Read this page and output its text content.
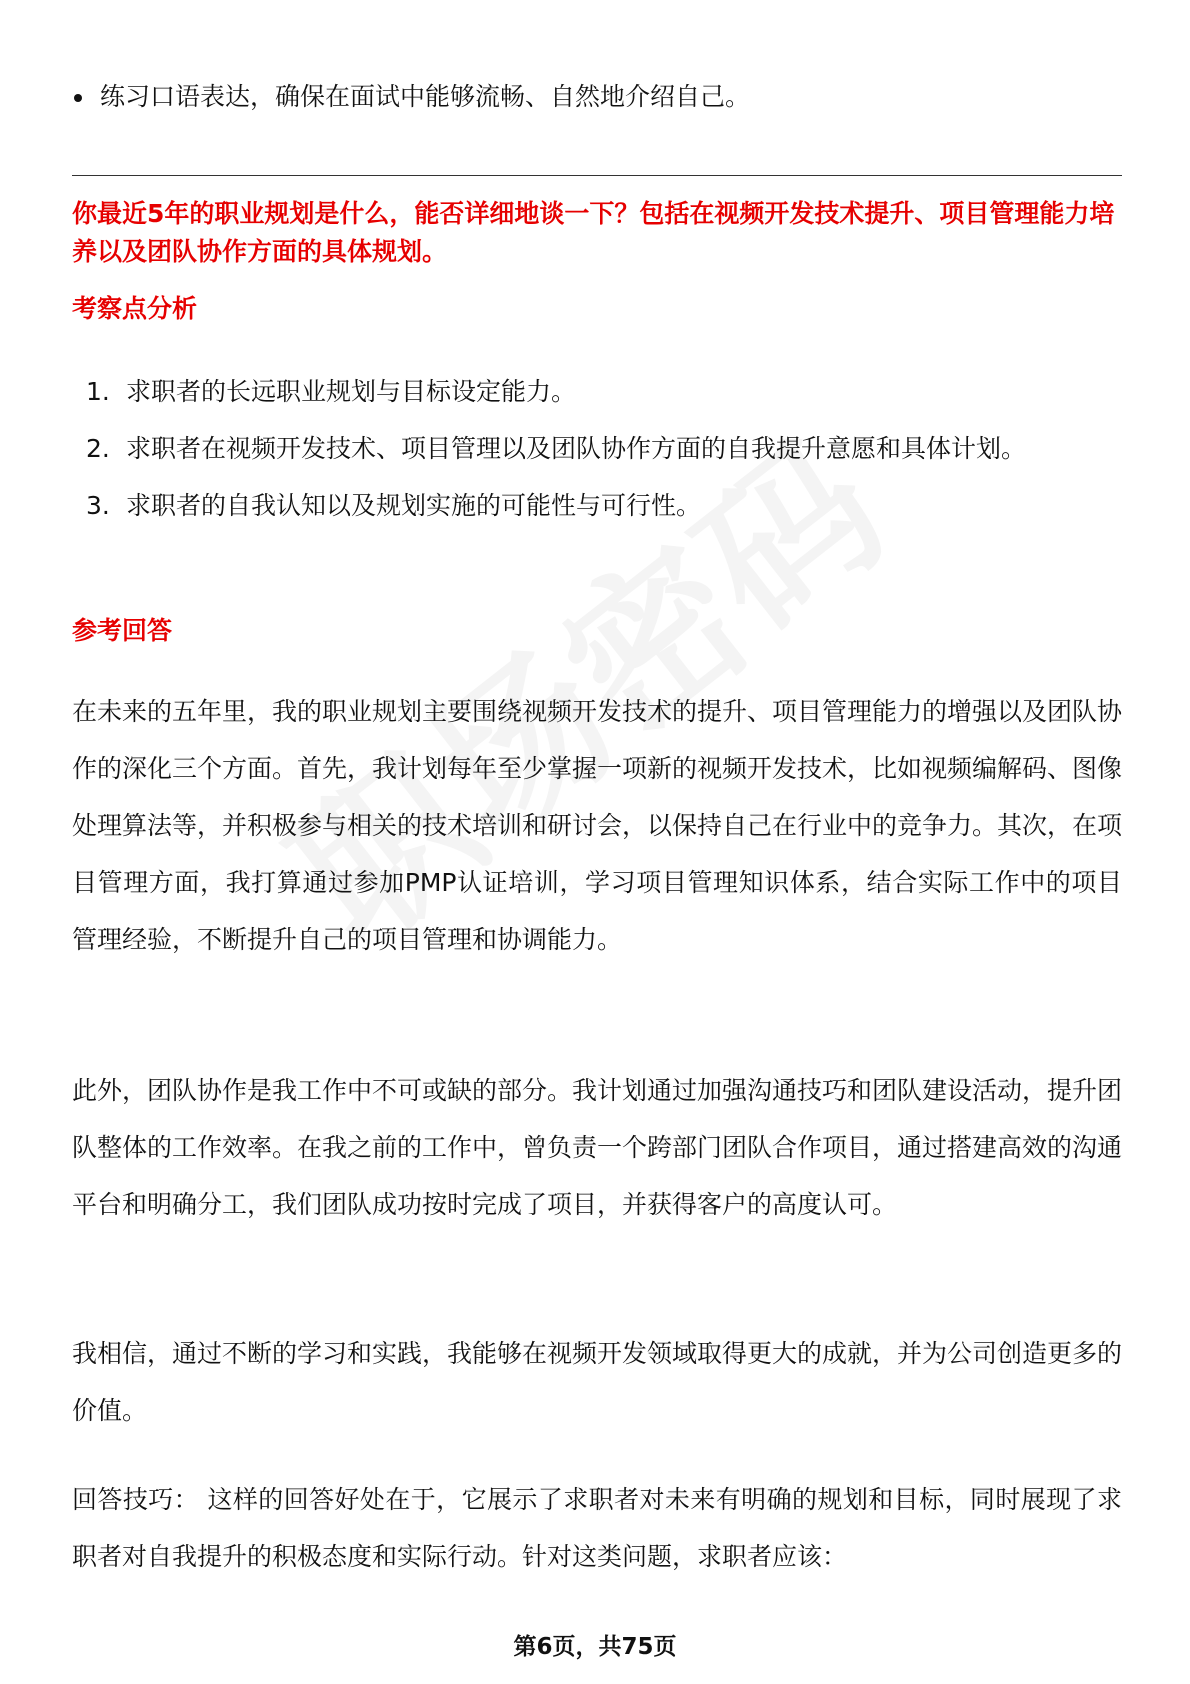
练习口语表达，确保在面试中能够流畅、自然地介绍自己。
你最近5年的职业规划是什么，能否详细地谈一下？包括在视频开发技术提升、项目管理能力培养以及团队协作方面的具体规划。
考察点分析
1. 求职者的长远职业规划与目标设定能力。
2. 求职者在视频开发技术、项目管理以及团队协作方面的自我提升意愿和具体计划。
3. 求职者的自我认知以及规划实施的可能性与可行性。
参考回答
在未来的五年里，我的职业规划主要围绕视频开发技术的提升、项目管理能力的增强以及团队协作的深化三个方面。首先，我计划每年至少掌握一项新的视频开发技术，比如视频编解码、图像处理算法等，并积极参与相关的技术培训和研讨会，以保持自己在行业中的竞争力。其次，在项目管理方面，我打算通过参加PMP认证培训，学习项目管理知识体系，结合实际工作中的项目管理经验，不断提升自己的项目管理和协调能力。
此外，团队协作是我工作中不可或缺的部分。我计划通过加强沟通技巧和团队建设活动，提升团队整体的工作效率。在我之前的工作中，曾负责一个跨部门团队合作项目，通过搭建高效的沟通平台和明确分工，我们团队成功按时完成了项目，并获得客户的高度认可。
我相信，通过不断的学习和实践，我能够在视频开发领域取得更大的成就，并为公司创造更多的价值。
回答技巧： 这样的回答好处在于，它展示了求职者对未来有明确的规划和目标，同时展现了求职者对自我提升的积极态度和实际行动。针对这类问题，求职者应该：
第6页，共75页
